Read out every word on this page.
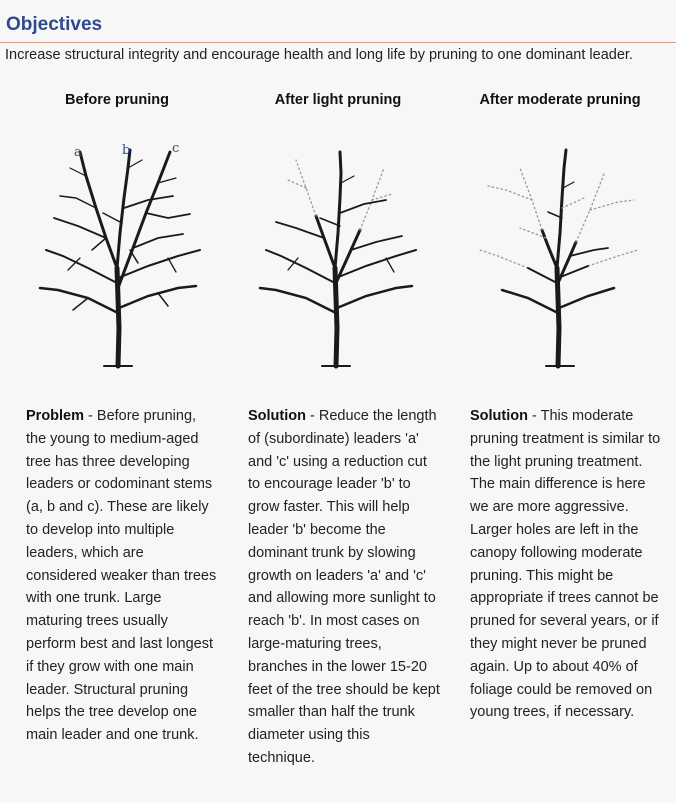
Objectives
Increase structural integrity and encourage health and long life by pruning to one dominant leader.
Before pruning	After light pruning	After moderate pruning
a	b	c
Problem - Before pruning, the young to medium-aged tree has three developing leaders or codominant stems (a, b and c). These are likely to develop into multiple leaders, which are considered weaker than trees with one trunk. Large maturing trees usually perform best and last longest if they grow with one main leader. Structural pruning helps the tree develop one main leader and one trunk.
Solution - Reduce the length of (subordinate) leaders 'a' and 'c' using a reduction cut to encourage leader 'b' to grow faster. This will help leader 'b' become the dominant trunk by slowing growth on leaders 'a' and 'c' and allowing more sunlight to reach 'b'. In most cases on large-maturing trees, branches in the lower 15-20 feet of the tree should be kept smaller than half the trunk diameter using this technique.
Solution - This moderate pruning treatment is similar to the light pruning treatment. The main difference is here we are more aggressive. Larger holes are left in the canopy following moderate pruning. This might be appropriate if trees cannot be pruned for several years, or if they might never be pruned again. Up to about 40% of foliage could be removed on young trees, if necessary.
